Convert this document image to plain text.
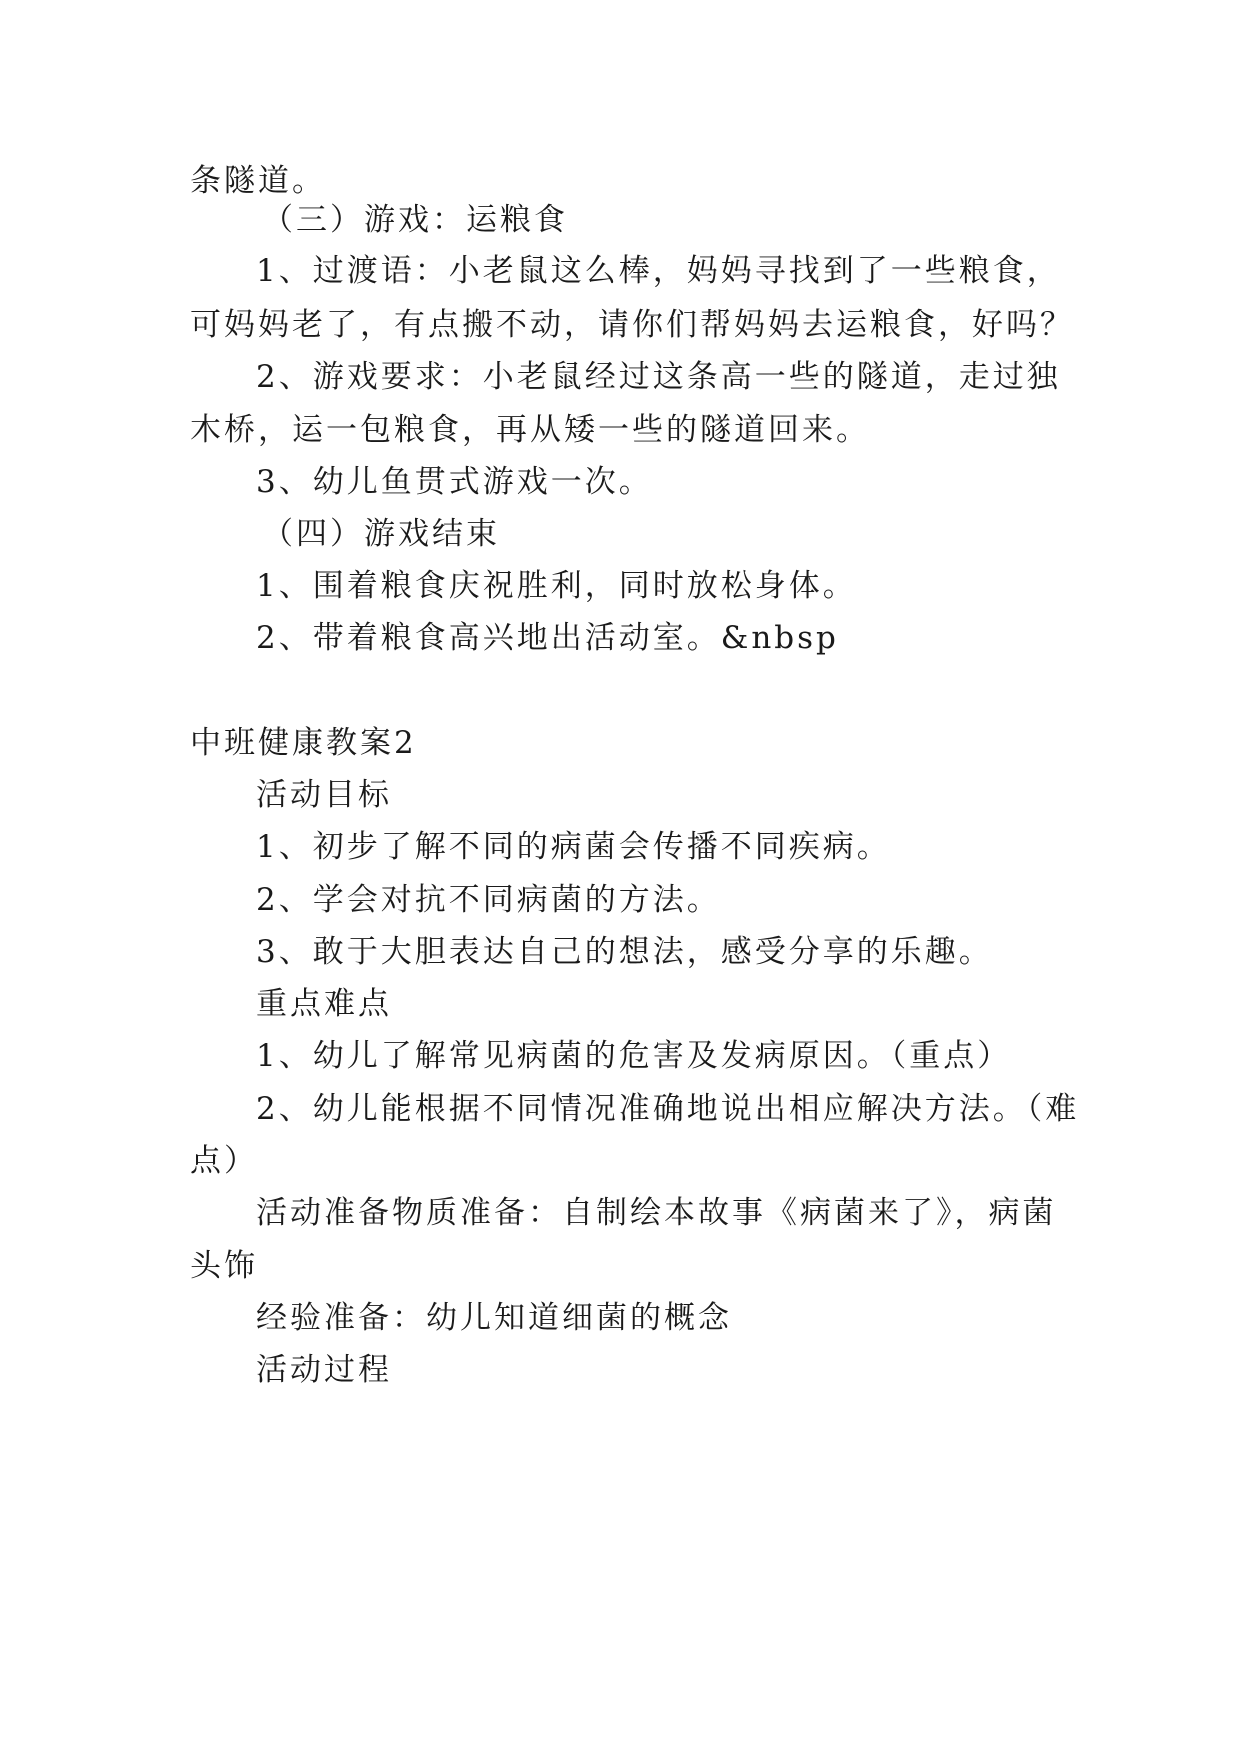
条隧道。
（三）游戏：运粮食
1、过渡语：小老鼠这么棒，妈妈寻找到了一些粮食，
可妈妈老了，有点搬不动，请你们帮妈妈去运粮食，好吗？
2、游戏要求：小老鼠经过这条高一些的隧道，走过独
木桥，运一包粮食，再从矮一些的隧道回来。
3、幼儿鱼贯式游戏一次。
（四）游戏结束
1、围着粮食庆祝胜利，同时放松身体。
2、带着粮食高兴地出活动室。&nbsp
中班健康教案2
活动目标
1、初步了解不同的病菌会传播不同疾病。
2、学会对抗不同病菌的方法。
3、敢于大胆表达自己的想法，感受分享的乐趣。
重点难点
1、幼儿了解常见病菌的危害及发病原因。（重点）
2、幼儿能根据不同情况准确地说出相应解决方法。（难
点）
活动准备物质准备：自制绘本故事《病菌来了》，病菌
头饰
经验准备：幼儿知道细菌的概念
活动过程
